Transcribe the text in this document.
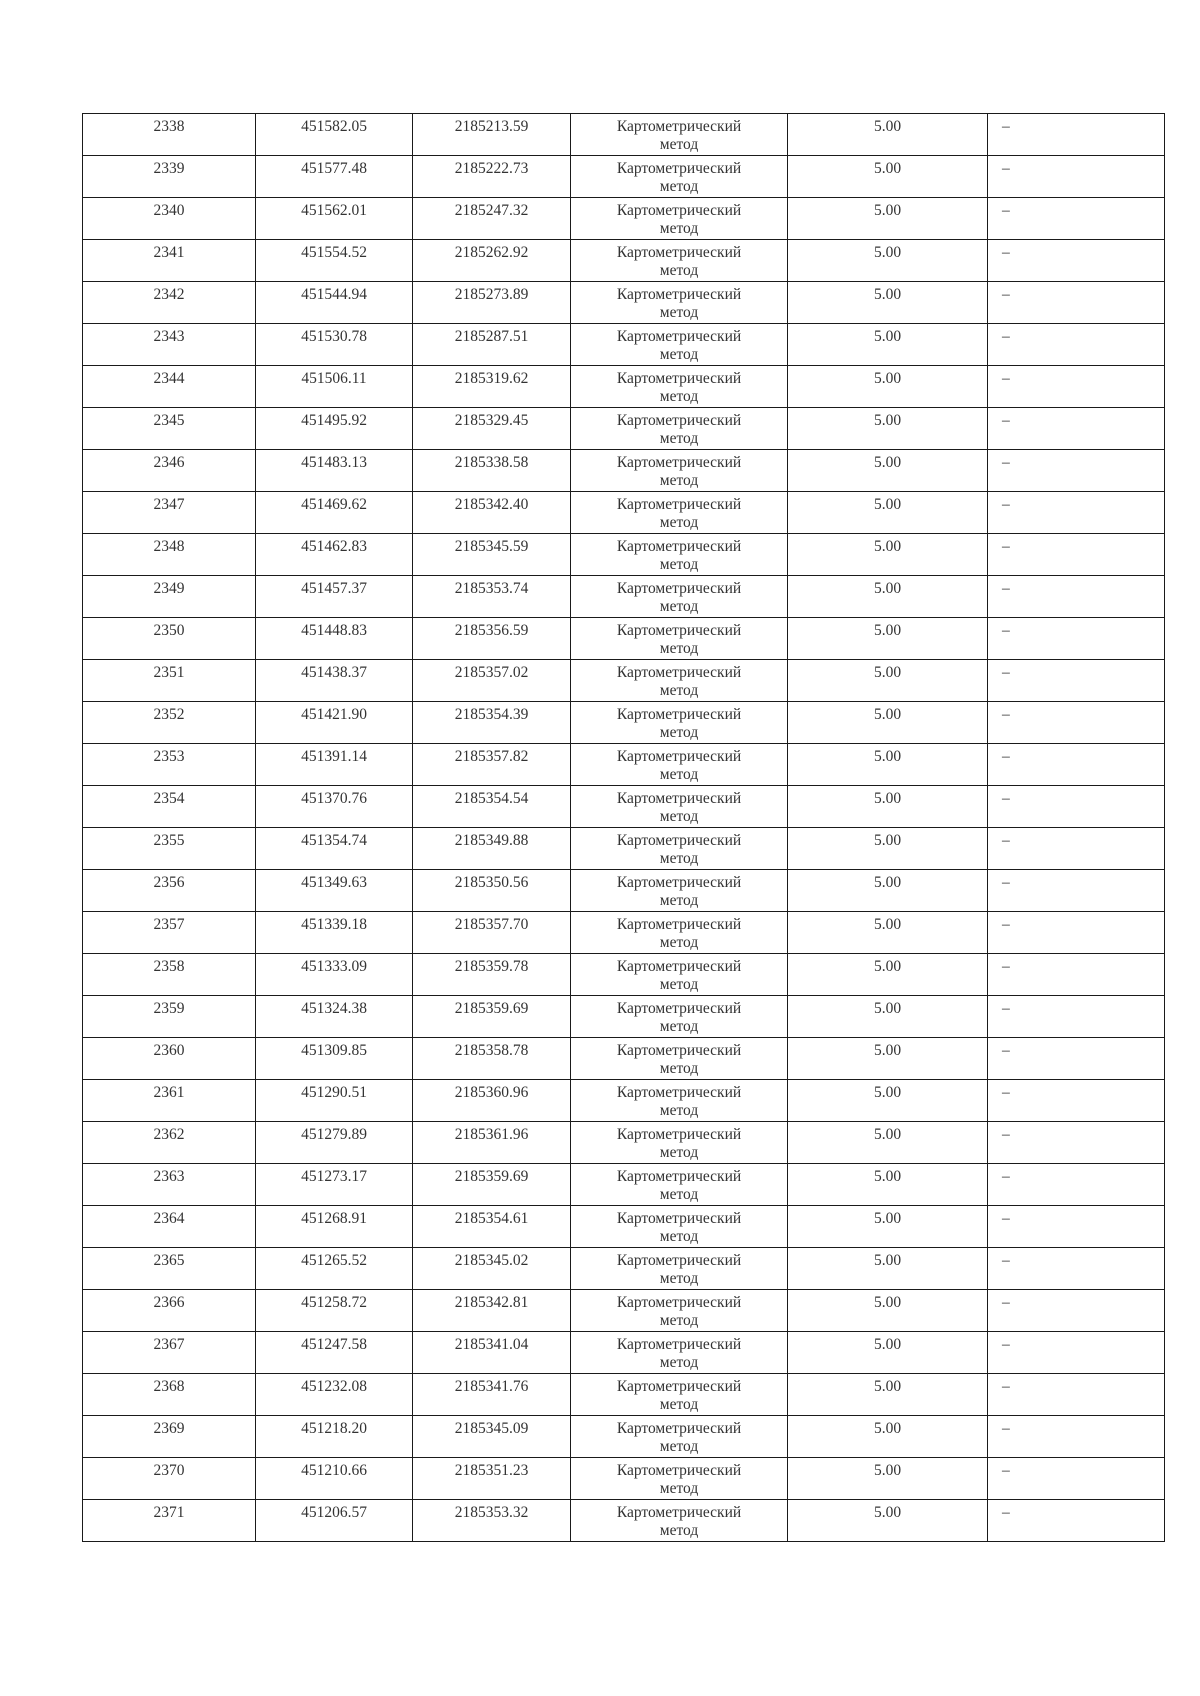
2338	451582.05	2185213.59	Картометрический
метод	5.00	–

2339	451577.48	2185222.73	Картометрический
метод	5.00	–

2340	451562.01	2185247.32	Картометрический
метод	5.00	–

2341	451554.52	2185262.92	Картометрический
метод	5.00	–

2342	451544.94	2185273.89	Картометрический
метод	5.00	–

2343	451530.78	2185287.51	Картометрический
метод	5.00	–

2344	451506.11	2185319.62	Картометрический
метод	5.00	–

2345	451495.92	2185329.45	Картометрический
метод	5.00	–

2346	451483.13	2185338.58	Картометрический
метод	5.00	–

2347	451469.62	2185342.40	Картометрический
метод	5.00	–

2348	451462.83	2185345.59	Картометрический
метод	5.00	–

2349	451457.37	2185353.74	Картометрический
метод	5.00	–

2350	451448.83	2185356.59	Картометрический
метод	5.00	–

2351	451438.37	2185357.02	Картометрический
метод	5.00	–

2352	451421.90	2185354.39	Картометрический
метод	5.00	–

2353	451391.14	2185357.82	Картометрический
метод	5.00	–

2354	451370.76	2185354.54	Картометрический
метод	5.00	–

2355	451354.74	2185349.88	Картометрический
метод	5.00	–

2356	451349.63	2185350.56	Картометрический
метод	5.00	–

2357	451339.18	2185357.70	Картометрический
метод	5.00	–

2358	451333.09	2185359.78	Картометрический
метод	5.00	–

2359	451324.38	2185359.69	Картометрический
метод	5.00	–

2360	451309.85	2185358.78	Картометрический
метод	5.00	–

2361	451290.51	2185360.96	Картометрический
метод	5.00	–

2362	451279.89	2185361.96	Картометрический
метод	5.00	–

2363	451273.17	2185359.69	Картометрический
метод	5.00	–

2364	451268.91	2185354.61	Картометрический
метод	5.00	–

2365	451265.52	2185345.02	Картометрический
метод	5.00	–

2366	451258.72	2185342.81	Картометрический
метод	5.00	–

2367	451247.58	2185341.04	Картометрический
метод	5.00	–

2368	451232.08	2185341.76	Картометрический
метод	5.00	–

2369	451218.20	2185345.09	Картометрический
метод	5.00	–

2370	451210.66	2185351.23	Картометрический
метод	5.00	–

2371	451206.57	2185353.32	Картометрический
метод	5.00	–
